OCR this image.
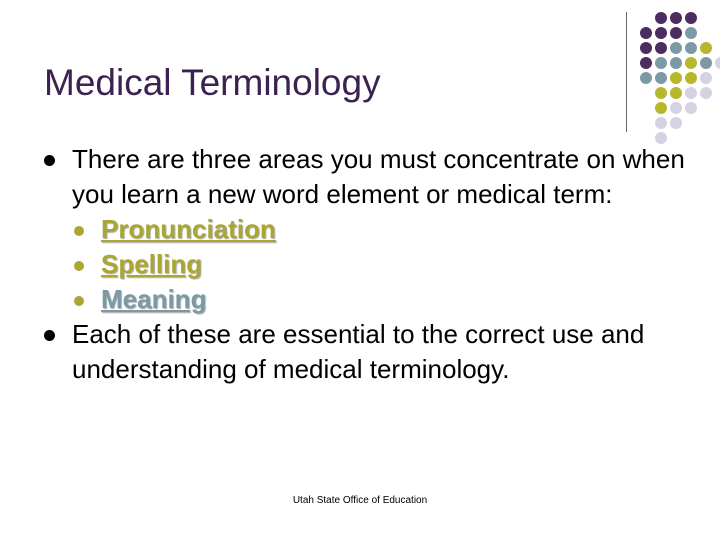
Medical Terminology
There are three areas you must concentrate on when you learn a new word element or medical term:
Pronunciation
Spelling
Meaning
Each of these are essential to the correct use and understanding of medical terminology.
Utah State Office of Education
